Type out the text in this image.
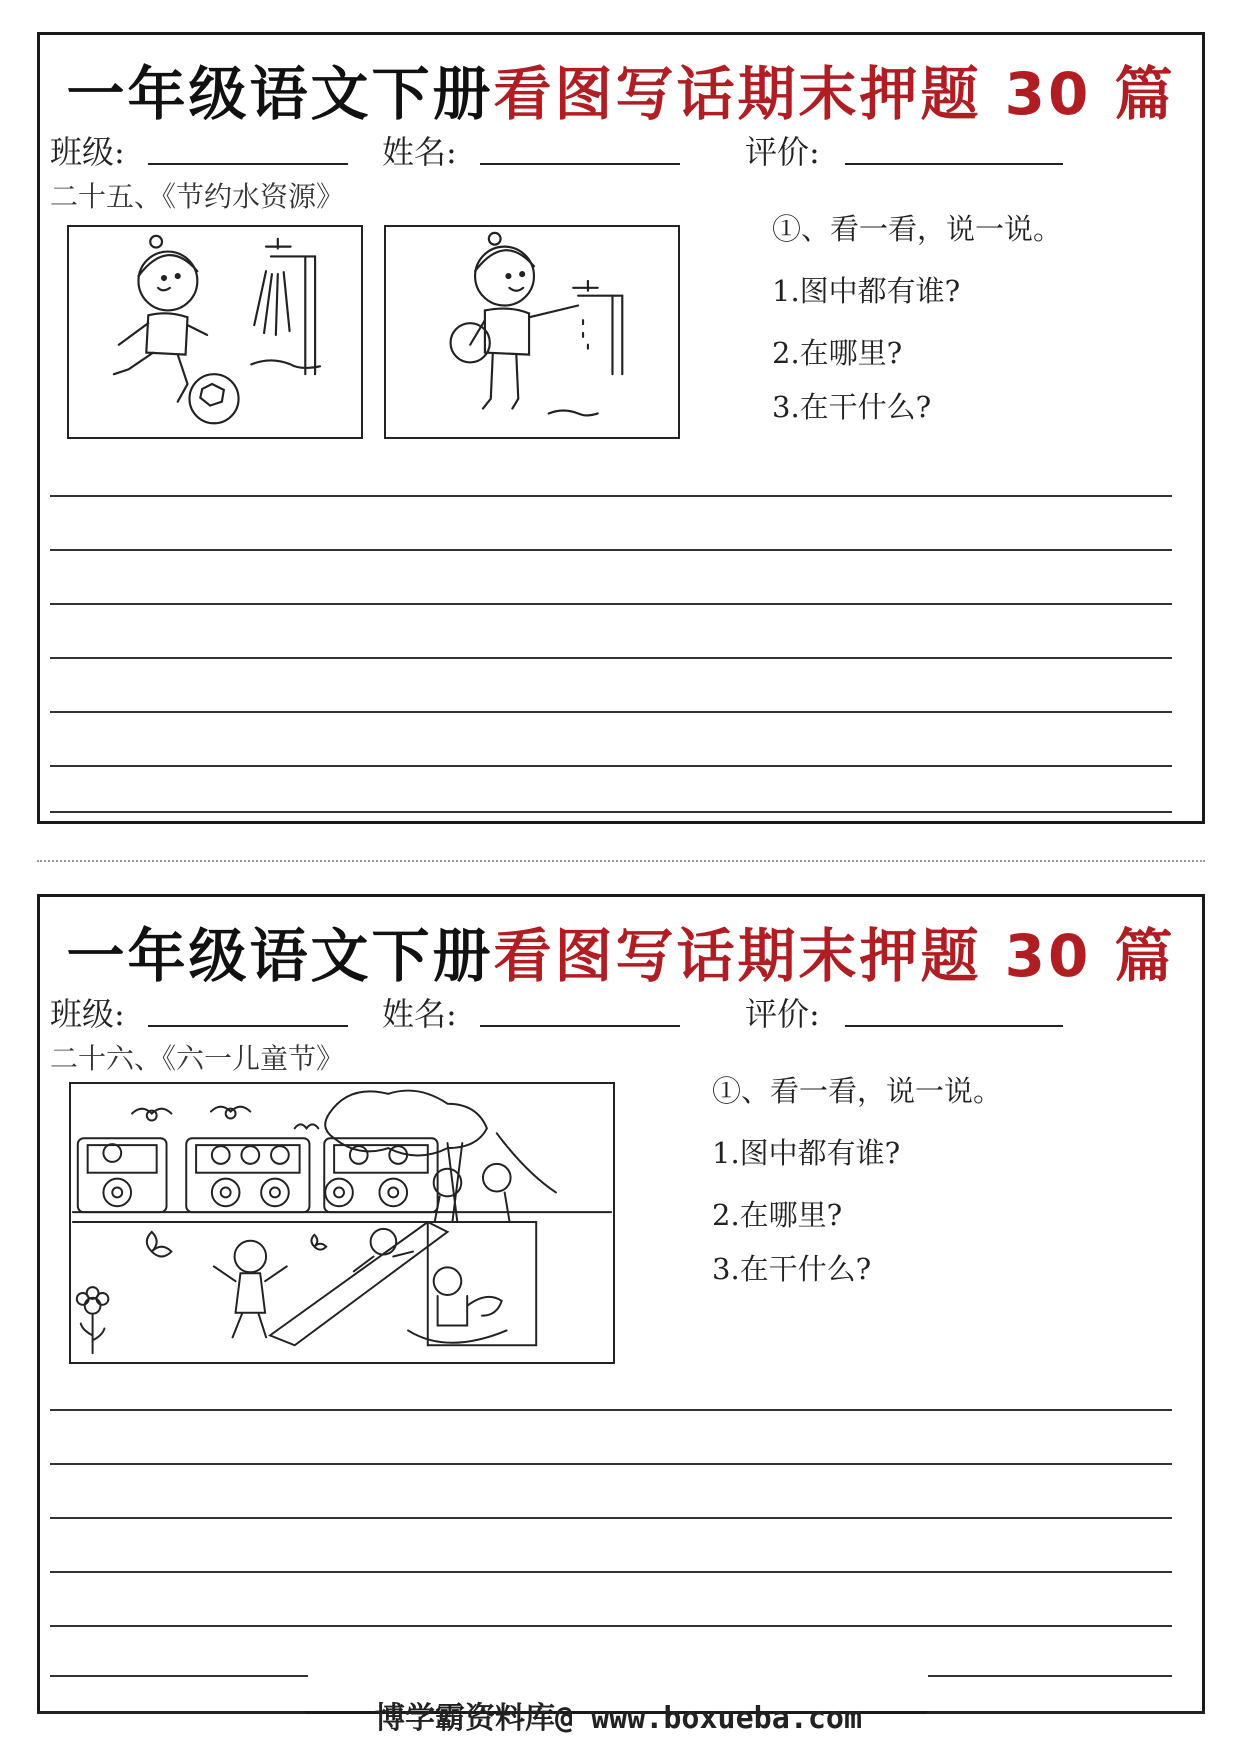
一年级语文下册看图写话期末押题 30 篇
班级:	姓名:	评价:
二十五、《节约水资源》
①、看一看，说一说。
1.图中都有谁?
2.在哪里?
3.在干什么?
一年级语文下册看图写话期末押题 30 篇
班级:	姓名:	评价:
二十六、《六一儿童节》
①、看一看，说一说。
1.图中都有谁?
2.在哪里?
3.在干什么?
博学霸资料库@ www.boxueba.com
